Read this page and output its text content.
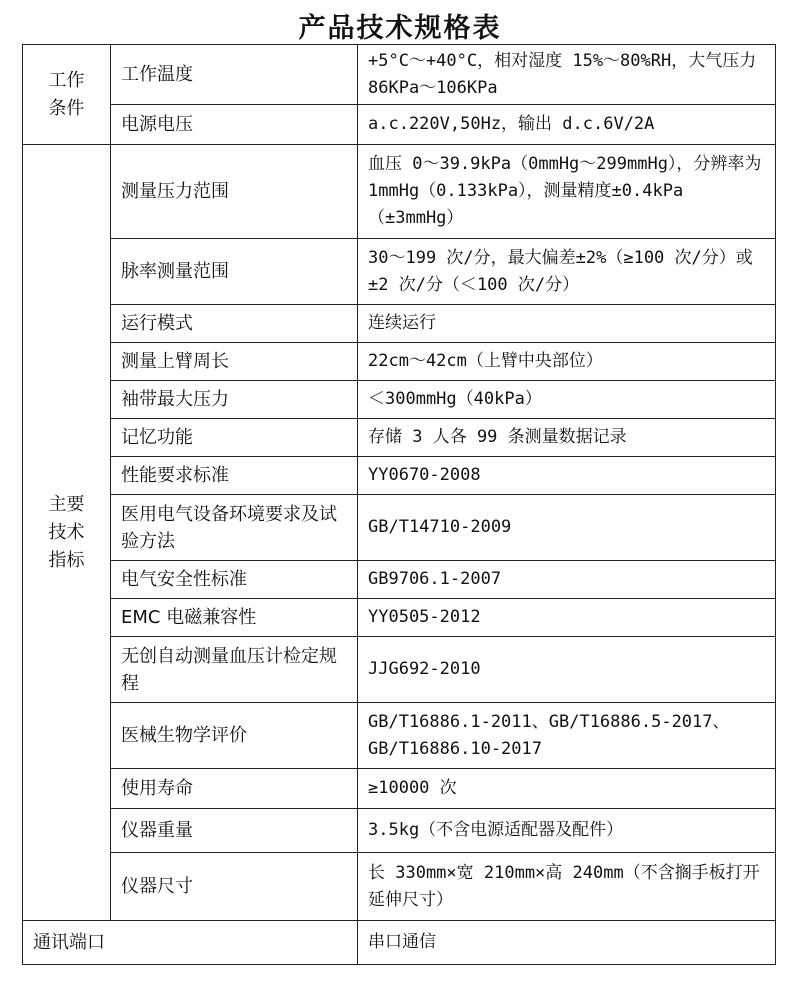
产品技术规格表
工作条件	工作温度	+5°C～+40°C，相对湿度 15%～80%RH，大气压力 86KPa～106KPa
	电源电压	a.c.220V,50Hz，输出 d.c.6V/2A
主要技术指标	测量压力范围	血压 0～39.9kPa（0mmHg～299mmHg），分辨率为 1mmHg（0.133kPa），测量精度±0.4kPa（±3mmHg）
	脉率测量范围	30～199 次/分，最大偏差±2%（≥100 次/分）或±2 次/分（＜100 次/分）
	运行模式	连续运行
	测量上臂周长	22cm～42cm（上臂中央部位）
	袖带最大压力	＜300mmHg（40kPa）
	记忆功能	存储 3 人各 99 条测量数据记录
	性能要求标准	YY0670-2008
	医用电气设备环境要求及试验方法	GB/T14710-2009
	电气安全性标准	GB9706.1-2007
	EMC 电磁兼容性	YY0505-2012
	无创自动测量血压计检定规程	JJG692-2010
	医械生物学评价	GB/T16886.1-2011、GB/T16886.5-2017、GB/T16886.10-2017
	使用寿命	≥10000 次
	仪器重量	3.5kg（不含电源适配器及配件）
	仪器尺寸	长 330mm×宽 210mm×高 240mm（不含搁手板打开延伸尺寸）
通讯端口		串口通信
